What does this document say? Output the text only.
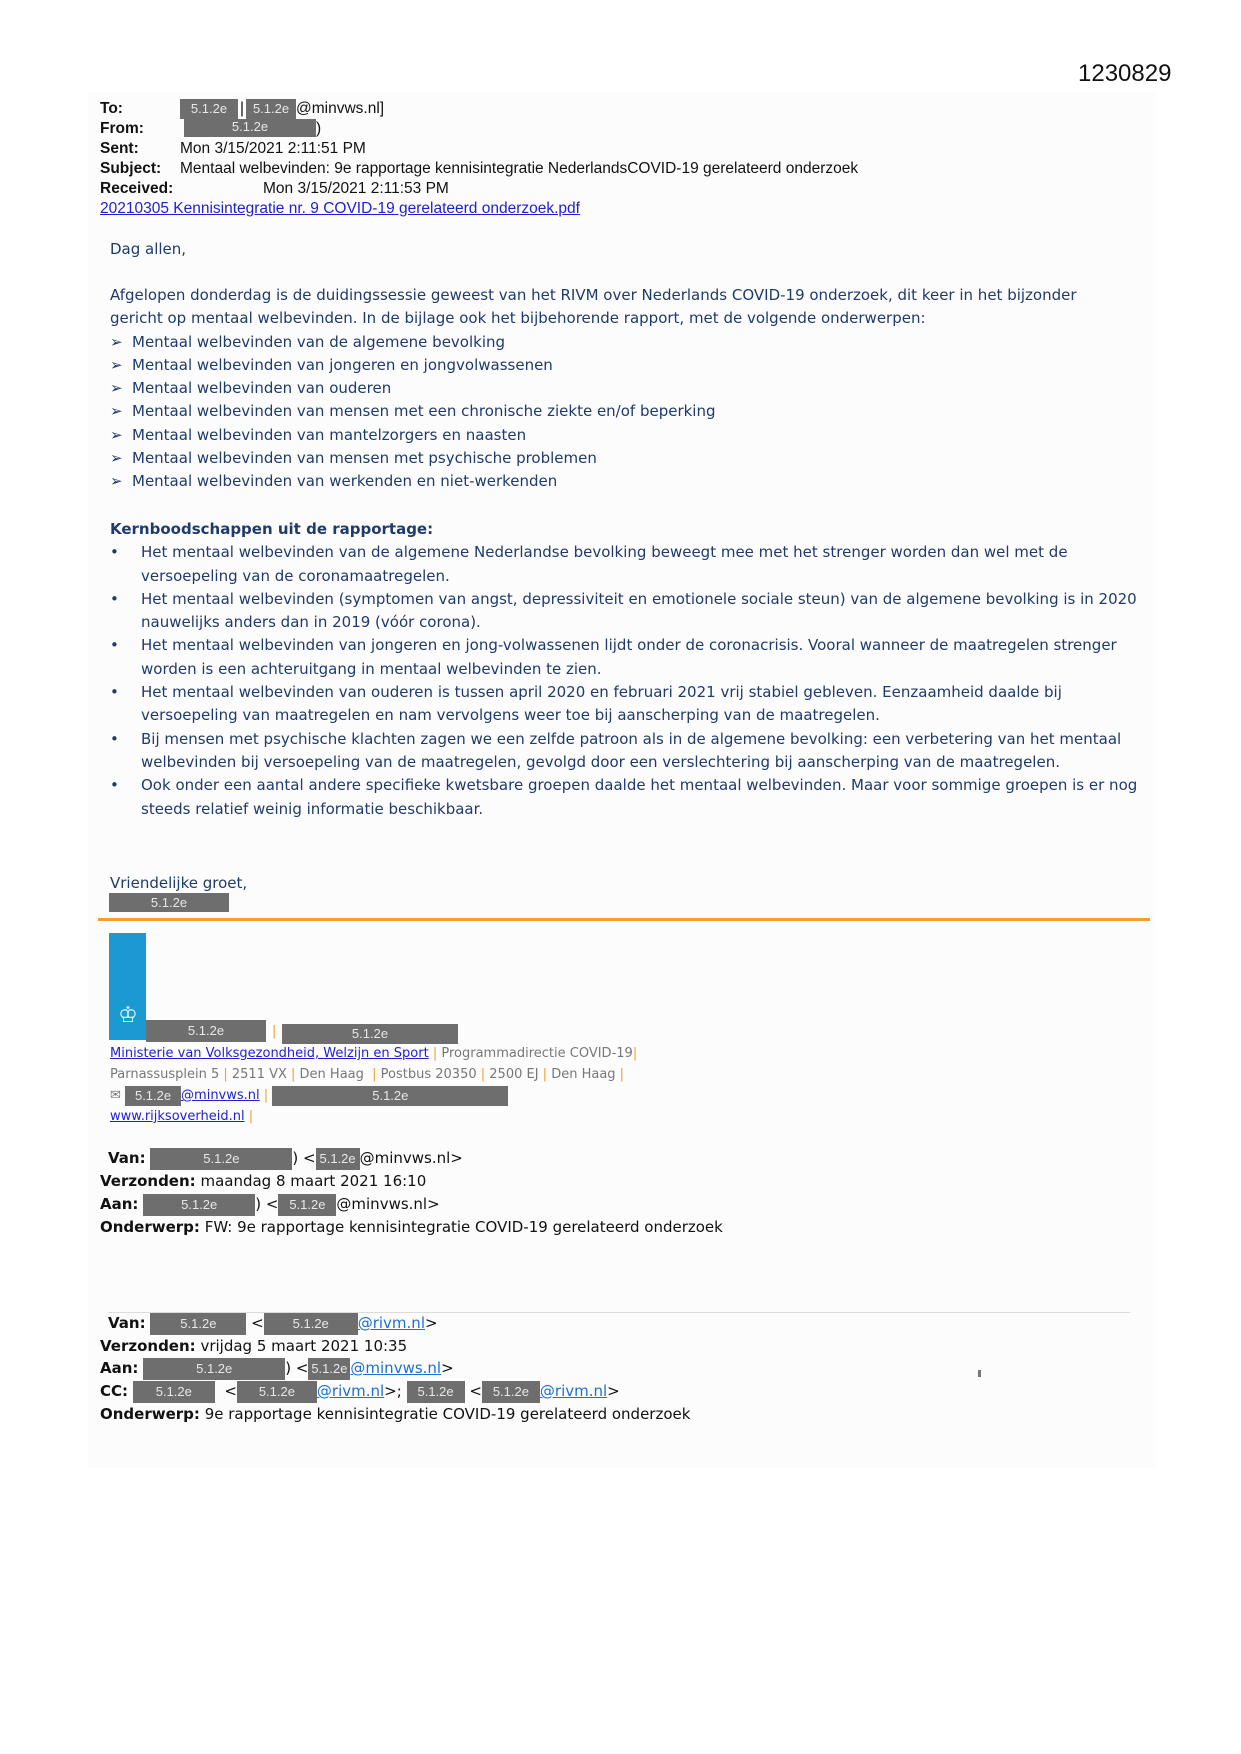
1230829
To:	5.1.2e | 5.1.2e @minvws.nl]
From:	5.1.2e	)
Sent:	Mon 3/15/2021 2:11:51 PM
Subject: Mentaal welbevinden: 9e rapportage kennisintegratie NederlandsCOVID-19 gerelateerd onderzoek
Received:	Mon 3/15/2021 2:11:53 PM
20210305 Kennisintegratie nr. 9 COVID-19 gerelateerd onderzoek.pdf
Dag allen,
Afgelopen donderdag is de duidingssessie geweest van het RIVM over Nederlands COVID-19 onderzoek, dit keer in het bijzonder
gericht op mentaal welbevinden. In de bijlage ook het bijbehorende rapport, met de volgende onderwerpen:
➢ Mentaal welbevinden van de algemene bevolking
➢ Mentaal welbevinden van jongeren en jongvolwassenen
➢ Mentaal welbevinden van ouderen
➢ Mentaal welbevinden van mensen met een chronische ziekte en/of beperking
➢ Mentaal welbevinden van mantelzorgers en naasten
➢ Mentaal welbevinden van mensen met psychische problemen
➢ Mentaal welbevinden van werkenden en niet-werkenden
Kernboodschappen uit de rapportage:
• Het mentaal welbevinden van de algemene Nederlandse bevolking beweegt mee met het strenger worden dan wel met de versoepeling van de coronamaatregelen.
• Het mentaal welbevinden (symptomen van angst, depressiviteit en emotionele sociale steun) van de algemene bevolking is in 2020 nauwelijks anders dan in 2019 (vóór corona).
• Het mentaal welbevinden van jongeren en jong-volwassenen lijdt onder de coronacrisis. Vooral wanneer de maatregelen strenger worden is een achteruitgang in mentaal welbevinden te zien.
• Het mentaal welbevinden van ouderen is tussen april 2020 en februari 2021 vrij stabiel gebleven. Eenzaamheid daalde bij versoepeling van maatregelen en nam vervolgens weer toe bij aanscherping van de maatregelen.
• Bij mensen met psychische klachten zagen we een zelfde patroon als in de algemene bevolking: een verbetering van het mentaal welbevinden bij versoepeling van de maatregelen, gevolgd door een verslechtering bij aanscherping van de maatregelen.
• Ook onder een aantal andere specifieke kwetsbare groepen daalde het mentaal welbevinden. Maar voor sommige groepen is er nog steeds relatief weinig informatie beschikbaar.
Vriendelijke groet,
5.1.2e
♔
5.1.2e	|	5.1.2e
Ministerie van Volksgezondheid, Welzijn en Sport | Programmadirectie COVID-19|
Parnassusplein 5 | 2511 VX | Den Haag  | Postbus 20350 | 2500 EJ | Den Haag |
✉ 5.1.2e @minvws.nl |	5.1.2e
www.rijksoverheid.nl |
Van:	5.1.2e	) < 5.1.2e @minvws.nl>
Verzonden: maandag 8 maart 2021 16:10
Aan:	5.1.2e	) < 5.1.2e @minvws.nl>
Onderwerp: FW: 9e rapportage kennisintegratie COVID-19 gerelateerd onderzoek
Van:	5.1.2e < 5.1.2e @rivm.nl>
Verzonden: vrijdag 5 maart 2021 10:35
Aan:	5.1.2e	) < 5.1.2e @minvws.nl>
CC: 5.1.2e  < 5.1.2e @rivm.nl>; 5.1.2e < 5.1.2e @rivm.nl>
Onderwerp: 9e rapportage kennisintegratie COVID-19 gerelateerd onderzoek
